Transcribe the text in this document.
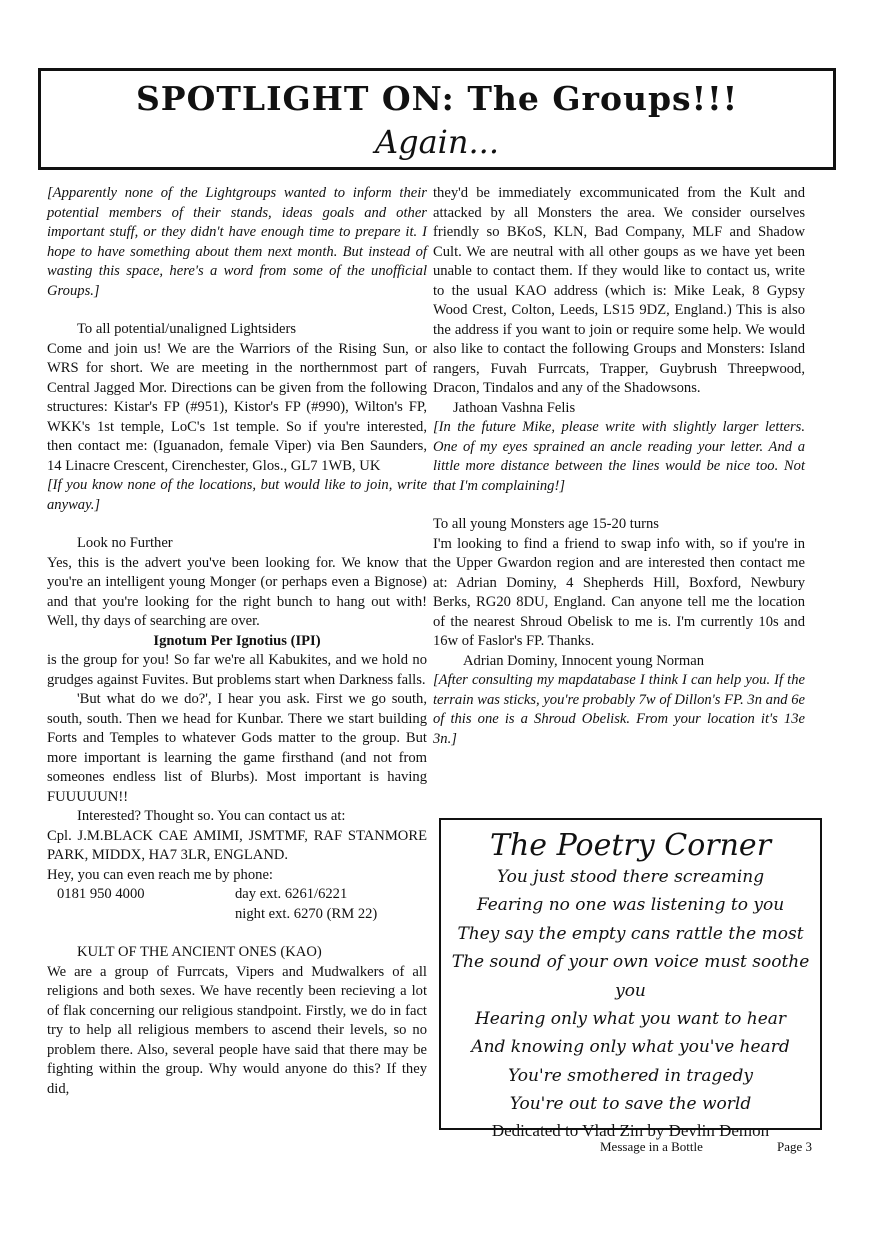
SPOTLIGHT ON: The Groups!!!
Again...

[Apparently none of the Lightgroups wanted to inform their potential members of their stands, ideas goals and other important stuff, or they didn't have enough time to prepare it. I hope to have something about them next month. But instead of wasting this space, here's a word from some of the unofficial Groups.]

To all potential/unaligned Lightsiders

Come and join us! We are the Warriors of the Rising Sun, or WRS for short. We are meeting in the northernmost part of Central Jagged Mor. Directions can be given from the following structures: Kistar's FP (#951), Kistor's FP (#990), Wilton's FP, WKK's 1st temple, LoC's 1st temple. So if you're interested, then contact me: (Iguanadon, female Viper) via Ben Saunders, 14 Linacre Crescent, Cirenchester, Glos., GL7 1WB, UK

[If you know none of the locations, but would like to join, write anyway.]

Look no Further

Yes, this is the advert you've been looking for. We know that you're an intelligent young Monger (or perhaps even a Bignose) and that you're looking for the right bunch to hang out with! Well, thy days of searching are over.

Ignotum Per Ignotius (IPI)

is the group for you! So far we're all Kabukites, and we hold no grudges against Fuvites. But problems start when Darkness falls.

'But what do we do?', I hear you ask. First we go south, south, south. Then we head for Kunbar. There we start building Forts and Temples to whatever Gods matter to the group. But more important is learning the game firsthand (and not from someones endless list of Blurbs). Most important is having FUUUUUN!!

Interested? Thought so. You can contact us at:

Cpl. J.M.BLACK CAE AMIMI, JSMTMF, RAF STANMORE PARK, MIDDX, HA7 3LR, ENGLAND.

Hey, you can even reach me by phone:

0181 950 4000	day ext. 6261/6221

night ext. 6270 (RM 22)

KULT OF THE ANCIENT ONES (KAO)

We are a group of Furrcats, Vipers and Mudwalkers of all religions and both sexes. We have recently been recieving a lot of flak concerning our religious standpoint. Firstly, we do in fact try to help all religious members to ascend their levels, so no problem there. Also, several people have said that there may be fighting within the group. Why would anyone do this? If they did,

they'd be immediately excommunicated from the Kult and attacked by all Monsters the area. We consider ourselves friendly so BKoS, KLN, Bad Company, MLF and Shadow Cult. We are neutral with all other goups as we have yet been unable to contact them. If they would like to contact us, write to the usual KAO address (which is: Mike Leak, 8 Gypsy Wood Crest, Colton, Leeds, LS15 9DZ, England.) This is also the address if you want to join or require some help. We would also like to contact the following Groups and Monsters: Island rangers, Fuvah Furrcats, Trapper, Guybrush Threepwood, Dracon, Tindalos and any of the Shadowsons.

Jathoan Vashna Felis

[In the future Mike, please write with slightly larger letters. One of my eyes sprained an ancle reading your letter. And a little more distance between the lines would be nice too. Not that I'm complaining!]

To all young Monsters age 15-20 turns

I'm looking to find a friend to swap info with, so if you're in the Upper Gwardon region and are interested then contact me at: Adrian Dominy, 4 Shepherds Hill, Boxford, Newbury Berks, RG20 8DU, England. Can anyone tell me the location of the nearest Shroud Obelisk to me is. I'm currently 10s and 16w of Faslor's FP. Thanks.

Adrian Dominy, Innocent young Norman

[After consulting my mapdatabase I think I can help you. If the terrain was sticks, you're probably 7w of Dillon's FP. 3n and 6e of this one is a Shroud Obelisk. From your location it's 13e 3n.]

The Poetry Corner
You just stood there screaming
Fearing no one was listening to you
They say the empty cans rattle the most
The sound of your own voice must soothe you
Hearing only what you want to hear
And knowing only what you've heard
You're smothered in tragedy
You're out to save the world
Dedicated to Vlad Zin by Devlin Demon
Message in a Bottle	Page 3
